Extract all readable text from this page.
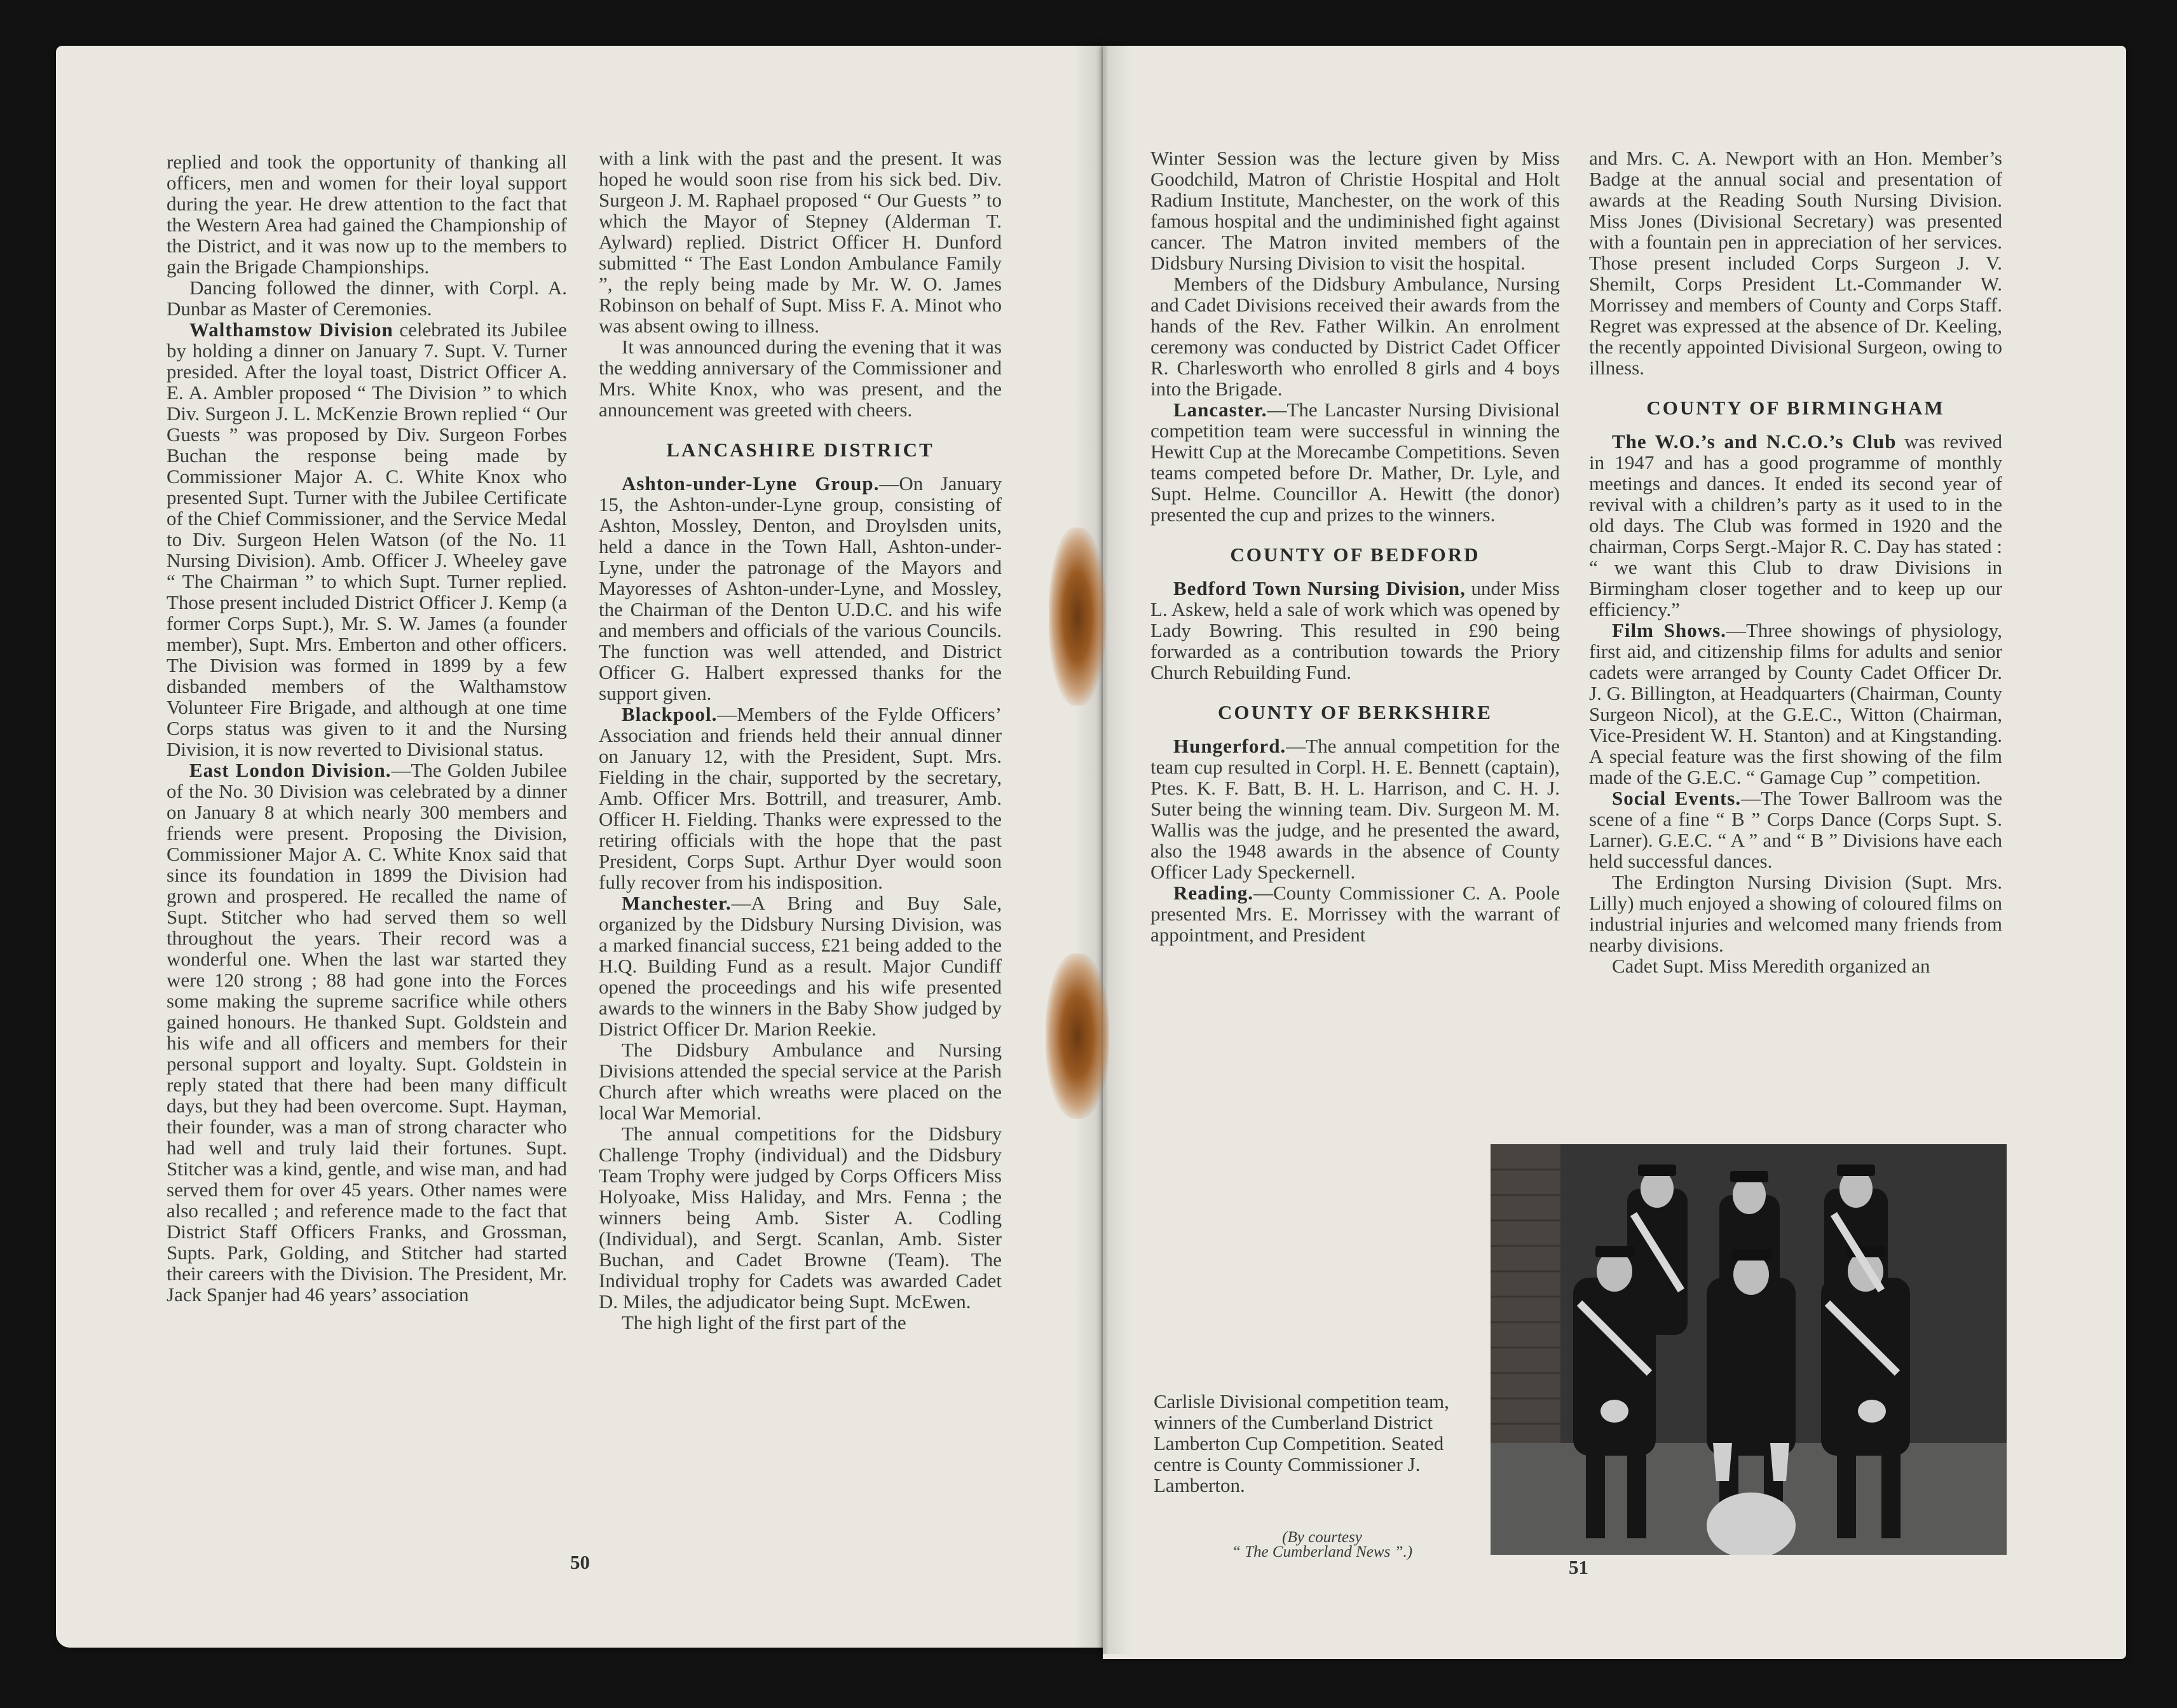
replied and took the opportunity of thanking all officers, men and women for their loyal support during the year. He drew attention to the fact that the Western Area had gained the Championship of the District, and it was now up to the members to gain the Brigade Championships.

Dancing followed the dinner, with Corpl. A. Dunbar as Master of Ceremonies.

Walthamstow Division celebrated its Jubilee by holding a dinner on January 7. Supt. V. Turner presided. After the loyal toast, District Officer A. E. A. Ambler proposed “ The Division ” to which Div. Surgeon J. L. McKenzie Brown replied “ Our Guests ” was proposed by Div. Surgeon Forbes Buchan the response being made by Commissioner Major A. C. White Knox who presented Supt. Turner with the Jubilee Certificate of the Chief Commissioner, and the Service Medal to Div. Surgeon Helen Watson (of the No. 11 Nursing Division). Amb. Officer J. Wheeley gave “ The Chairman ” to which Supt. Turner replied. Those present included District Officer J. Kemp (a former Corps Supt.), Mr. S. W. James (a founder member), Supt. Mrs. Emberton and other officers. The Division was formed in 1899 by a few disbanded members of the Walthamstow Volunteer Fire Brigade, and although at one time Corps status was given to it and the Nursing Division, it is now reverted to Divisional status.

East London Division.—The Golden Jubilee of the No. 30 Division was celebrated by a dinner on January 8 at which nearly 300 members and friends were present. Proposing the Division, Commissioner Major A. C. White Knox said that since its foundation in 1899 the Division had grown and prospered. He recalled the name of Supt. Stitcher who had served them so well throughout the years. Their record was a wonderful one. When the last war started they were 120 strong ; 88 had gone into the Forces some making the supreme sacrifice while others gained honours. He thanked Supt. Goldstein and his wife and all officers and members for their personal support and loyalty. Supt. Goldstein in reply stated that there had been many difficult days, but they had been overcome. Supt. Hayman, their founder, was a man of strong character who had well and truly laid their fortunes. Supt. Stitcher was a kind, gentle, and wise man, and had served them for over 45 years. Other names were also recalled ; and reference made to the fact that District Staff Officers Franks, and Grossman, Supts. Park, Golding, and Stitcher had started their careers with the Division. The President, Mr. Jack Spanjer had 46 years’ association

with a link with the past and the present. It was hoped he would soon rise from his sick bed. Div. Surgeon J. M. Raphael proposed “ Our Guests ” to which the Mayor of Stepney (Alderman T. Aylward) replied. District Officer H. Dunford submitted “ The East London Ambulance Family ”, the reply being made by Mr. W. O. James Robinson on behalf of Supt. Miss F. A. Minot who was absent owing to illness.

It was announced during the evening that it was the wedding anniversary of the Commissioner and Mrs. White Knox, who was present, and the announcement was greeted with cheers.

LANCASHIRE DISTRICT

Ashton-under-Lyne Group.—On January 15, the Ashton-under-Lyne group, consisting of Ashton, Mossley, Denton, and Droylsden units, held a dance in the Town Hall, Ashton-under-Lyne, under the patronage of the Mayors and Mayoresses of Ashton-under-Lyne, and Mossley, the Chairman of the Denton U.D.C. and his wife and members and officials of the various Councils. The function was well attended, and District Officer G. Halbert expressed thanks for the support given.

Blackpool.—Members of the Fylde Officers’ Association and friends held their annual dinner on January 12, with the President, Supt. Mrs. Fielding in the chair, supported by the secretary, Amb. Officer Mrs. Bottrill, and treasurer, Amb. Officer H. Fielding. Thanks were expressed to the retiring officials with the hope that the past President, Corps Supt. Arthur Dyer would soon fully recover from his indisposition.

Manchester.—A Bring and Buy Sale, organized by the Didsbury Nursing Division, was a marked financial success, £21 being added to the H.Q. Building Fund as a result. Major Cundiff opened the proceedings and his wife presented awards to the winners in the Baby Show judged by District Officer Dr. Marion Reekie.

The Didsbury Ambulance and Nursing Divisions attended the special service at the Parish Church after which wreaths were placed on the local War Memorial.

The annual competitions for the Didsbury Challenge Trophy (individual) and the Didsbury Team Trophy were judged by Corps Officers Miss Holyoake, Miss Haliday, and Mrs. Fenna ; the winners being Amb. Sister A. Codling (Individual), and Sergt. Scanlan, Amb. Sister Buchan, and Cadet Browne (Team). The Individual trophy for Cadets was awarded Cadet D. Miles, the adjudicator being Supt. McEwen.

The high light of the first part of the

50

Winter Session was the lecture given by Miss Goodchild, Matron of Christie Hospital and Holt Radium Institute, Manchester, on the work of this famous hospital and the undiminished fight against cancer. The Matron invited members of the Didsbury Nursing Division to visit the hospital.

Members of the Didsbury Ambulance, Nursing and Cadet Divisions received their awards from the hands of the Rev. Father Wilkin. An enrolment ceremony was conducted by District Cadet Officer R. Charlesworth who enrolled 8 girls and 4 boys into the Brigade.

Lancaster.—The Lancaster Nursing Divisional competition team were successful in winning the Hewitt Cup at the Morecambe Competitions. Seven teams competed before Dr. Mather, Dr. Lyle, and Supt. Helme. Councillor A. Hewitt (the donor) presented the cup and prizes to the winners.

COUNTY OF BEDFORD

Bedford Town Nursing Division, under Miss L. Askew, held a sale of work which was opened by Lady Bowring. This resulted in £90 being forwarded as a contribution towards the Priory Church Rebuilding Fund.

COUNTY OF BERKSHIRE

Hungerford.—The annual competition for the team cup resulted in Corpl. H. E. Bennett (captain), Ptes. K. F. Batt, B. H. L. Harrison, and C. H. J. Suter being the winning team. Div. Surgeon M. M. Wallis was the judge, and he presented the award, also the 1948 awards in the absence of County Officer Lady Speckernell.

Reading.—County Commissioner C. A. Poole presented Mrs. E. Morrissey with the warrant of appointment, and President

and Mrs. C. A. Newport with an Hon. Member’s Badge at the annual social and presentation of awards at the Reading South Nursing Division. Miss Jones (Divisional Secretary) was presented with a fountain pen in appreciation of her services. Those present included Corps Surgeon J. V. Shemilt, Corps President Lt.-Commander W. Morrissey and members of County and Corps Staff. Regret was expressed at the absence of Dr. Keeling, the recently appointed Divisional Surgeon, owing to illness.

COUNTY OF BIRMINGHAM

The W.O.’s and N.C.O.’s Club was revived in 1947 and has a good programme of monthly meetings and dances. It ended its second year of revival with a children’s party as it used to in the old days. The Club was formed in 1920 and the chairman, Corps Sergt.-Major R. C. Day has stated : “ we want this Club to draw Divisions in Birmingham closer together and to keep up our efficiency.”

Film Shows.—Three showings of physiology, first aid, and citizenship films for adults and senior cadets were arranged by County Cadet Officer Dr. J. G. Billington, at Headquarters (Chairman, County Surgeon Nicol), at the G.E.C., Witton (Chairman, Vice-President W. H. Stanton) and at Kingstanding. A special feature was the first showing of the film made of the G.E.C. “ Gamage Cup ” competition.

Social Events.—The Tower Ballroom was the scene of a fine “ B ” Corps Dance (Corps Supt. S. Larner). G.E.C. “ A ” and “ B ” Divisions have each held successful dances.

The Erdington Nursing Division (Supt. Mrs. Lilly) much enjoyed a showing of coloured films on industrial injuries and welcomed many friends from nearby divisions.

Cadet Supt. Miss Meredith organized an

Carlisle Divisional competition team, winners of the Cumberland District Lamberton Cup Competition. Seated centre is County Commissioner J. Lamberton.
(By courtesy
“ The Cumberland News ”.)
51
